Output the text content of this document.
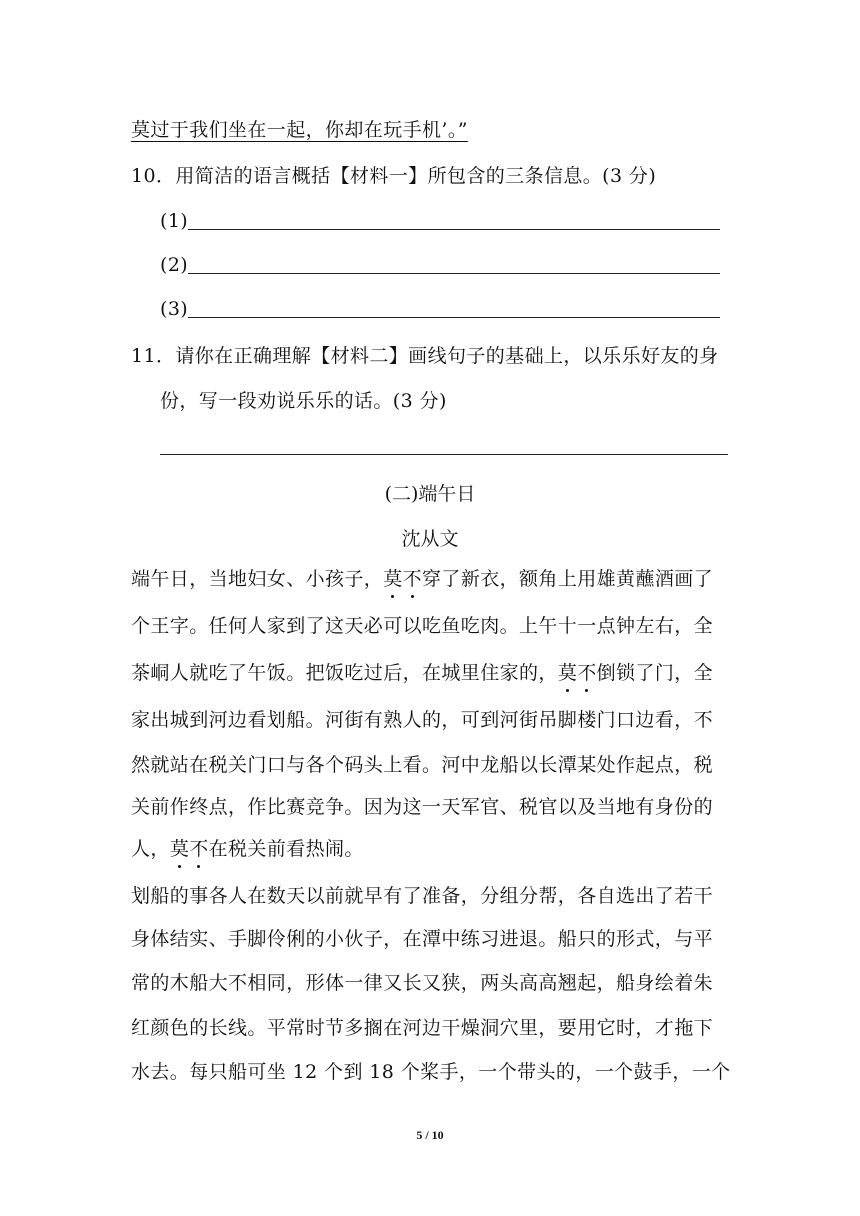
莫过于我们坐在一起，你却在玩手机’。”
10．用简洁的语言概括【材料一】所包含的三条信息。(3 分)
(1)
(2)
(3)
11．请你在正确理解【材料二】画线句子的基础上，以乐乐好友的身
份，写一段劝说乐乐的话。(3 分)
(二)端午日
沈从文
端午日，当地妇女、小孩子，莫不穿了新衣，额角上用雄黄蘸酒画了
个王字。任何人家到了这天必可以吃鱼吃肉。上午十一点钟左右，全
茶峒人就吃了午饭。把饭吃过后，在城里住家的，莫不倒锁了门，全
家出城到河边看划船。河街有熟人的，可到河街吊脚楼门口边看，不
然就站在税关门口与各个码头上看。河中龙船以长潭某处作起点，税
关前作终点，作比赛竞争。因为这一天军官、税官以及当地有身份的
人，莫不在税关前看热闹。
划船的事各人在数天以前就早有了准备，分组分帮，各自选出了若干
身体结实、手脚伶俐的小伙子，在潭中练习进退。船只的形式，与平
常的木船大不相同，形体一律又长又狭，两头高高翘起，船身绘着朱
红颜色的长线。平常时节多搁在河边干燥洞穴里，要用它时，才拖下
水去。每只船可坐 12 个到 18 个桨手，一个带头的，一个鼓手，一个
5 / 10
